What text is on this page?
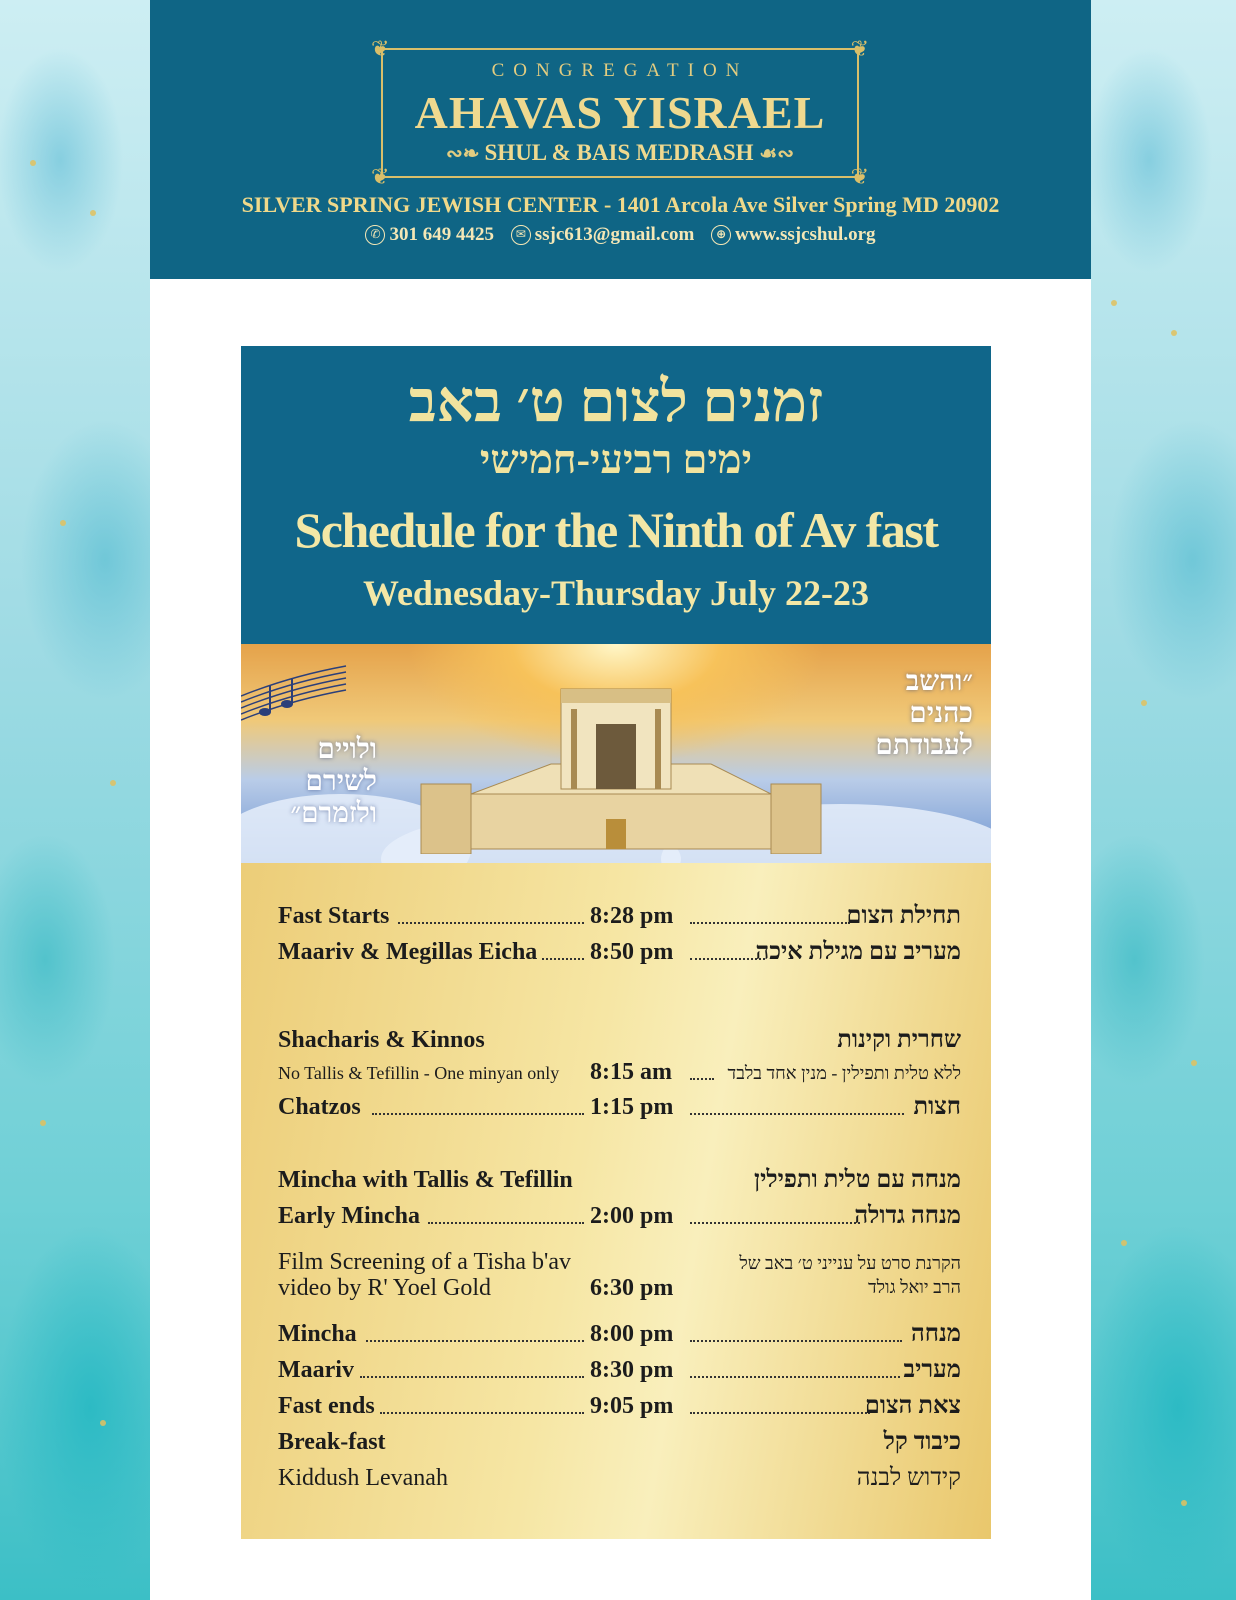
❦	❦
❦	❦
CONGREGATION
AHAVAS YISRAEL
∾❧ SHUL & BAIS MEDRASH ☙∾
SILVER SPRING JEWISH CENTER - 1401 Arcola Ave Silver Spring MD 20902
✆ 301 649 4425 ✉ ssjc613@gmail.com ⊕ www.ssjcshul.org
זמנים לצום ט׳ באב
ימים רביעי-חמישי
Schedule for the Ninth of Av fast
Wednesday-Thursday July 22-23
ולויים לשירם ולזמרם״
״והשב כהנים לעבודתם
Fast Starts	8:28 pm	תחילת הצום
Maariv & Megillas Eicha 8:50 pm	מעריב עם מגילת איכה
Shacharis & Kinnos	שחרית וקינות
No Tallis & Tefillin - One minyan only 8:15 am	ללא טלית ותפילין - מנין אחד בלבד
Chatzos	1:15 pm	חצות
Mincha with Tallis & Tefillin	מנחה עם טלית ותפילין
Early Mincha	2:00 pm	מנחה גדולה
Film Screening of a Tisha b'av	הקרנת סרט על ענייני ט׳ באב של
video by R' Yoel Gold	6:30 pm	הרב יואל גולד
Mincha	8:00 pm	מנחה
Maariv	8:30 pm	מעריב
Fast ends	9:05 pm	צאת הצום
Break-fast	כיבוד קל
Kiddush Levanah	קידוש לבנה
